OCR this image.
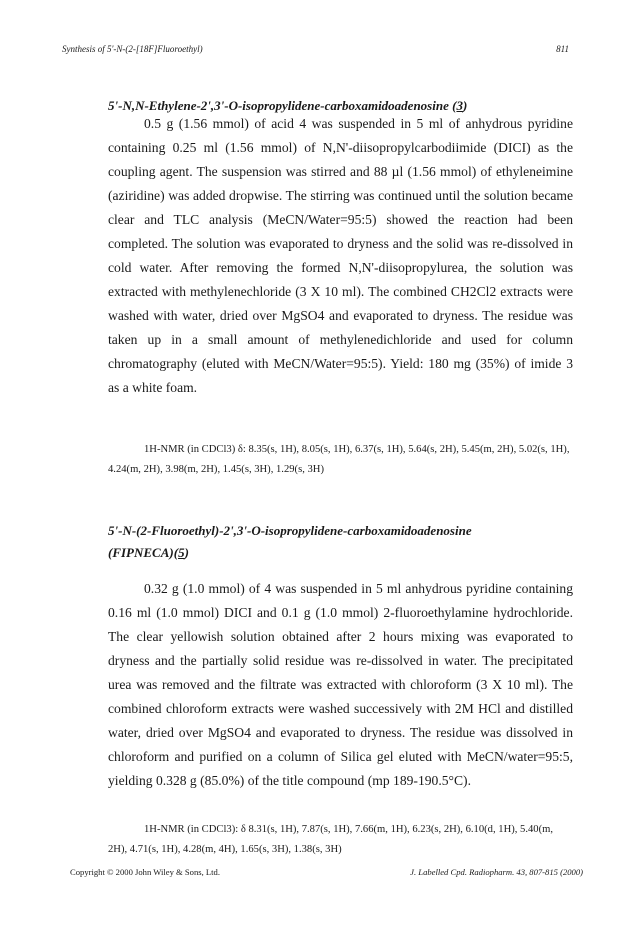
Synthesis of 5'-N-(2-[18F]Fluoroethyl)	811
5'-N,N-Ethylene-2',3'-O-isopropylidene-carboxamidoadenosine (3)

0.5 g (1.56 mmol) of acid 4 was suspended in 5 ml of anhydrous pyridine containing 0.25 ml (1.56 mmol) of N,N'-diisopropylcarbodiimide (DICI) as the coupling agent. The suspension was stirred and 88 µl (1.56 mmol) of ethyleneimine (aziridine) was added dropwise. The stirring was continued until the solution became clear and TLC analysis (MeCN/Water=95:5) showed the reaction had been completed. The solution was evaporated to dryness and the solid was re-dissolved in cold water. After removing the formed N,N'-diisopropylurea, the solution was extracted with methylenechloride (3 X 10 ml). The combined CH2Cl2 extracts were washed with water, dried over MgSO4 and evaporated to dryness. The residue was taken up in a small amount of methylenedichloride and used for column chromatography (eluted with MeCN/Water=95:5). Yield: 180 mg (35%) of imide 3 as a white foam.

1H-NMR (in CDCl3) δ: 8.35(s, 1H), 8.05(s, 1H), 6.37(s, 1H), 5.64(s, 2H), 5.45(m, 2H), 5.02(s, 1H), 4.24(m, 2H), 3.98(m, 2H), 1.45(s, 3H), 1.29(s, 3H)

5'-N-(2-Fluoroethyl)-2',3'-O-isopropylidene-carboxamidoadenosine
(FIPNECA)(5)

0.32 g (1.0 mmol) of 4 was suspended in 5 ml anhydrous pyridine containing 0.16 ml (1.0 mmol) DICI and 0.1 g (1.0 mmol) 2-fluoroethylamine hydrochloride. The clear yellowish solution obtained after 2 hours mixing was evaporated to dryness and the partially solid residue was re-dissolved in water. The precipitated urea was removed and the filtrate was extracted with chloroform (3 X 10 ml). The combined chloroform extracts were washed successively with 2M HCl and distilled water, dried over MgSO4 and evaporated to dryness. The residue was dissolved in chloroform and purified on a column of Silica gel eluted with MeCN/water=95:5, yielding 0.328 g (85.0%) of the title compound (mp 189-190.5°C).

1H-NMR (in CDCl3): δ 8.31(s, 1H), 7.87(s, 1H), 7.66(m, 1H), 6.23(s, 2H), 6.10(d, 1H), 5.40(m, 2H), 4.71(s, 1H), 4.28(m, 4H), 1.65(s, 3H), 1.38(s, 3H)

Copyright © 2000 John Wiley & Sons, Ltd.	J. Labelled Cpd. Radiopharm. 43, 807-815 (2000)
